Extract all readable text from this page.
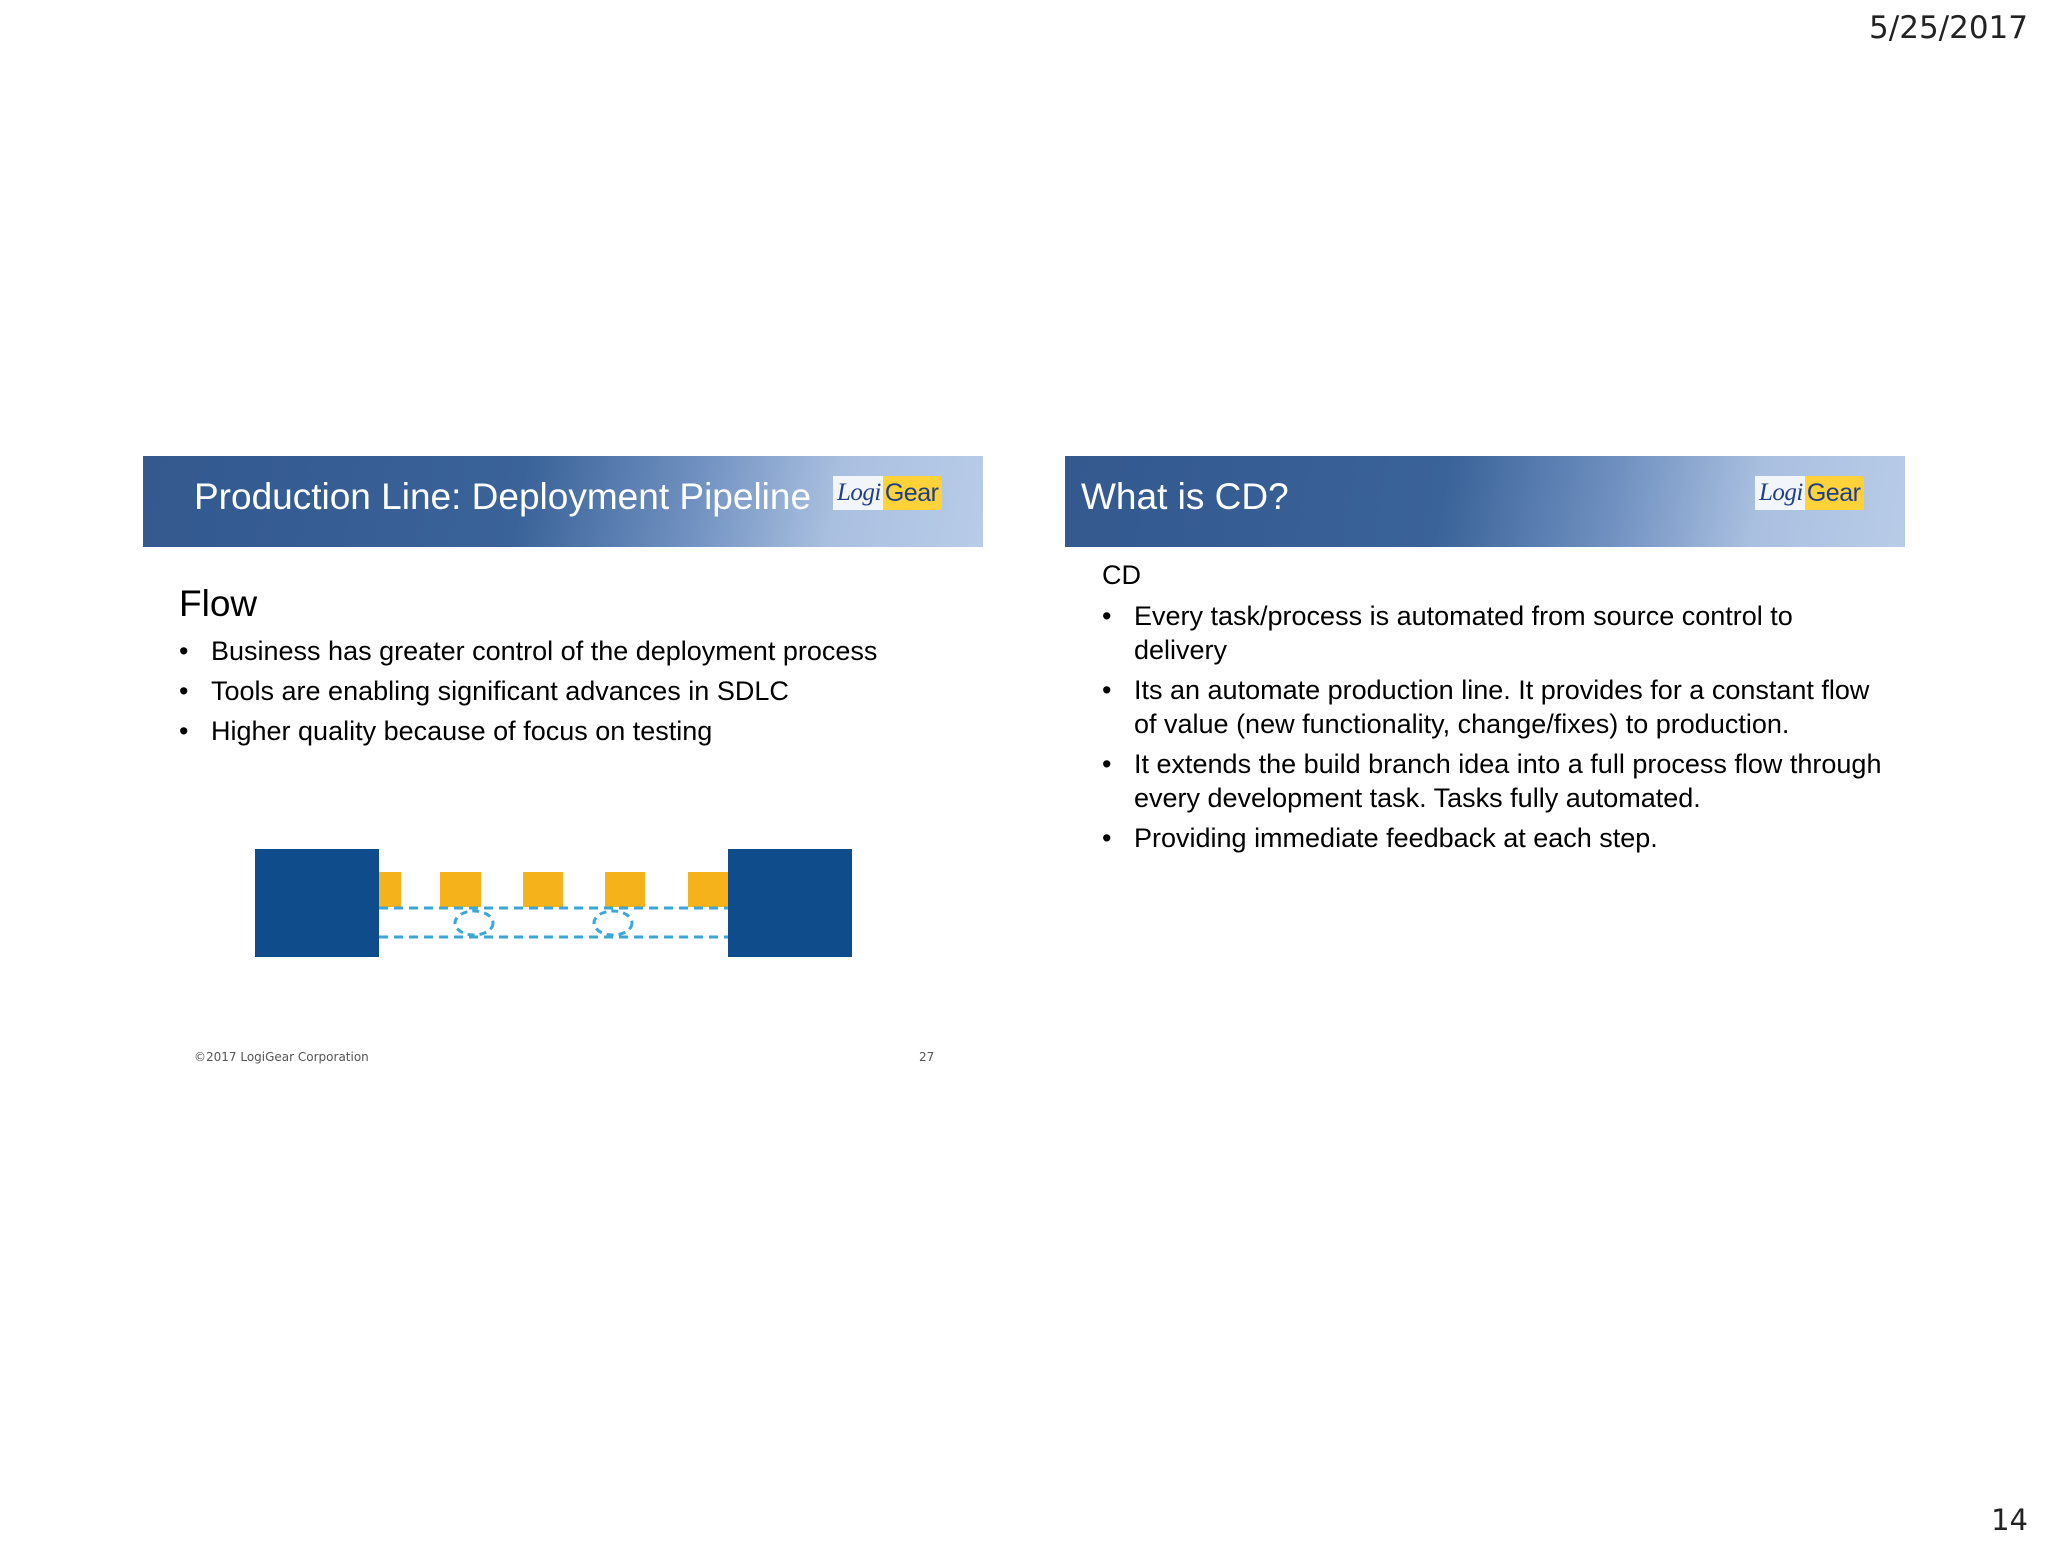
5/25/2017
Production Line: Deployment Pipeline Logi Gear
Flow
• Business has greater control of the deployment process
• Tools are enabling significant advances in SDLC
• Higher quality because of focus on testing
©2017 LogiGear Corporation	27
What is CD?	Logi Gear
CD
• Every task/process is automated from source control to delivery
• Its an automate production line. It provides for a constant flow of value (new functionality, change/fixes) to production.
• It extends the build branch idea into a full process flow through every development task. Tasks fully automated.
• Providing immediate feedback at each step.
14
